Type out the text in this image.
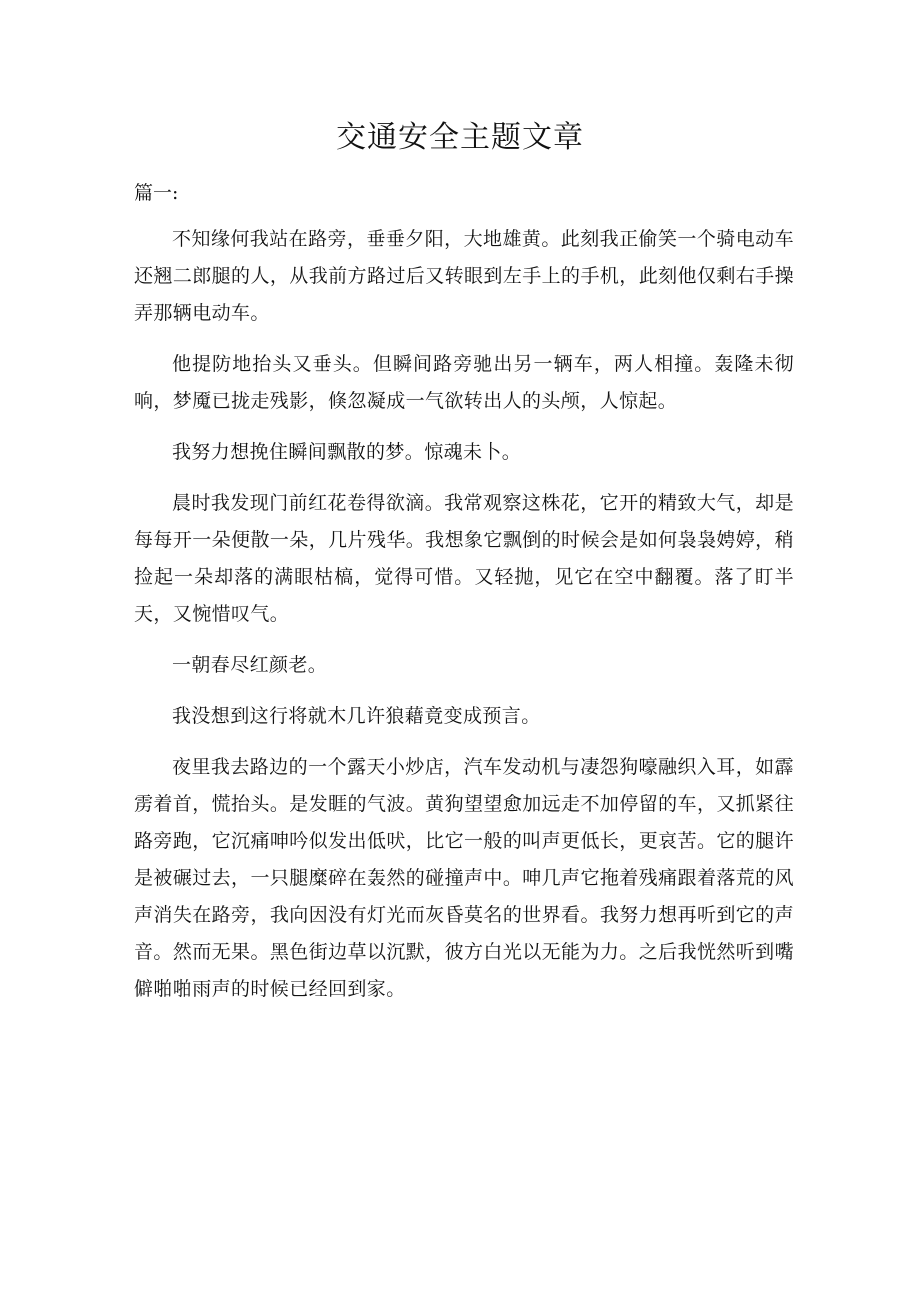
交通安全主题文章
篇一:

不知缘何我站在路旁，垂垂夕阳，大地雄黄。此刻我正偷笑一个骑电动车还翘二郎腿的人，从我前方路过后又转眼到左手上的手机，此刻他仅剩右手操弄那辆电动车。

他提防地抬头又垂头。但瞬间路旁驰出另一辆车，两人相撞。轰隆未彻响，梦魇已拢走残影，倏忽凝成一气欲转出人的头颅，人惊起。

我努力想挽住瞬间飘散的梦。惊魂未卜。

晨时我发现门前红花卷得欲滴。我常观察这株花，它开的精致大气，却是每每开一朵便散一朵，几片残华。我想象它飘倒的时候会是如何袅袅娉婷，稍捡起一朵却落的满眼枯槁，觉得可惜。又轻抛，见它在空中翻覆。落了盯半天，又惋惜叹气。

一朝春尽红颜老。

我没想到这行将就木几许狼藉竟变成预言。

夜里我去路边的一个露天小炒店，汽车发动机与凄怨狗嚎融织入耳，如霹雳着首，慌抬头。是发睚的气波。黄狗望望愈加远走不加停留的车，又抓紧往路旁跑，它沉痛呻吟似发出低吠，比它一般的叫声更低长，更哀苦。它的腿许是被碾过去，一只腿糜碎在轰然的碰撞声中。呻几声它拖着残痛跟着落荒的风声消失在路旁，我向因没有灯光而灰昏莫名的世界看。我努力想再听到它的声音。然而无果。黑色街边草以沉默，彼方白光以无能为力。之后我恍然听到嘴僻啪啪雨声的时候已经回到家。
